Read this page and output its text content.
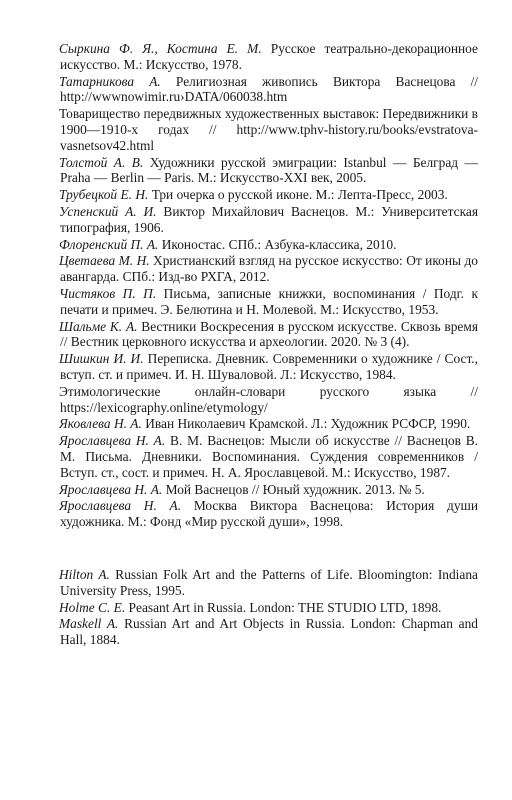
Сыркина Ф. Я., Костина Е. М. Русское театрально-декорационное искусство. М.: Искусство, 1978.

Татарникова А. Религиозная живопись Виктора Васнецова // http://wwwnowimir.ru›DATA/060038.htm

Товарищество передвижных художественных выставок: Передвижники в 1900—1910-х годах // http://www.tphv-history.ru/books/evstratova-vasnetsov42.html

Толстой А. В. Художники русской эмиграции: Istanbul — Белград — Praha — Berlin — Paris. М.: Искусство-XXI век, 2005.

Трубецкой Е. Н. Три очерка о русской иконе. М.: Лепта-Пресс, 2003.

Успенский А. И. Виктор Михайлович Васнецов. М.: Университетская типография, 1906.

Флоренский П. А. Иконостас. СПб.: Азбука-классика, 2010.

Цветаева М. Н. Христианский взгляд на русское искусство: От иконы до авангарда. СПб.: Изд-во РХГА, 2012.

Чистяков П. П. Письма, записные книжки, воспоминания / Подг. к печати и примеч. Э. Белютина и Н. Молевой. М.: Искусство, 1953.

Шальме К. А. Вестники Воскресения в русском искусстве. Сквозь время // Вестник церковного искусства и археологии. 2020. № 3 (4).

Шишкин И. И. Переписка. Дневник. Современники о художнике / Сост., вступ. ст. и примеч. И. Н. Шуваловой. Л.: Искусство, 1984.

Этимологические онлайн-словари русского языка // https://lexicography.online/etymology/

Яковлева Н. А. Иван Николаевич Крамской. Л.: Художник РСФСР, 1990.

Ярославцева Н. А. В. М. Васнецов: Мысли об искусстве // Васнецов В. М. Письма. Дневники. Воспоминания. Суждения современников / Вступ. ст., сост. и примеч. Н. А. Ярославцевой. М.: Искусство, 1987.

Ярославцева Н. А. Мой Васнецов // Юный художник. 2013. № 5.

Ярославцева Н. А. Москва Виктора Васнецова: История души художника. М.: Фонд «Мир русской души», 1998.

Hilton A. Russian Folk Art and the Patterns of Life. Bloomington: Indiana University Press, 1995.

Holme C. E. Peasant Art in Russia. London: THE STUDIO LTD, 1898.

Maskell A. Russian Art and Art Objects in Russia. London: Chapman and Hall, 1884.
